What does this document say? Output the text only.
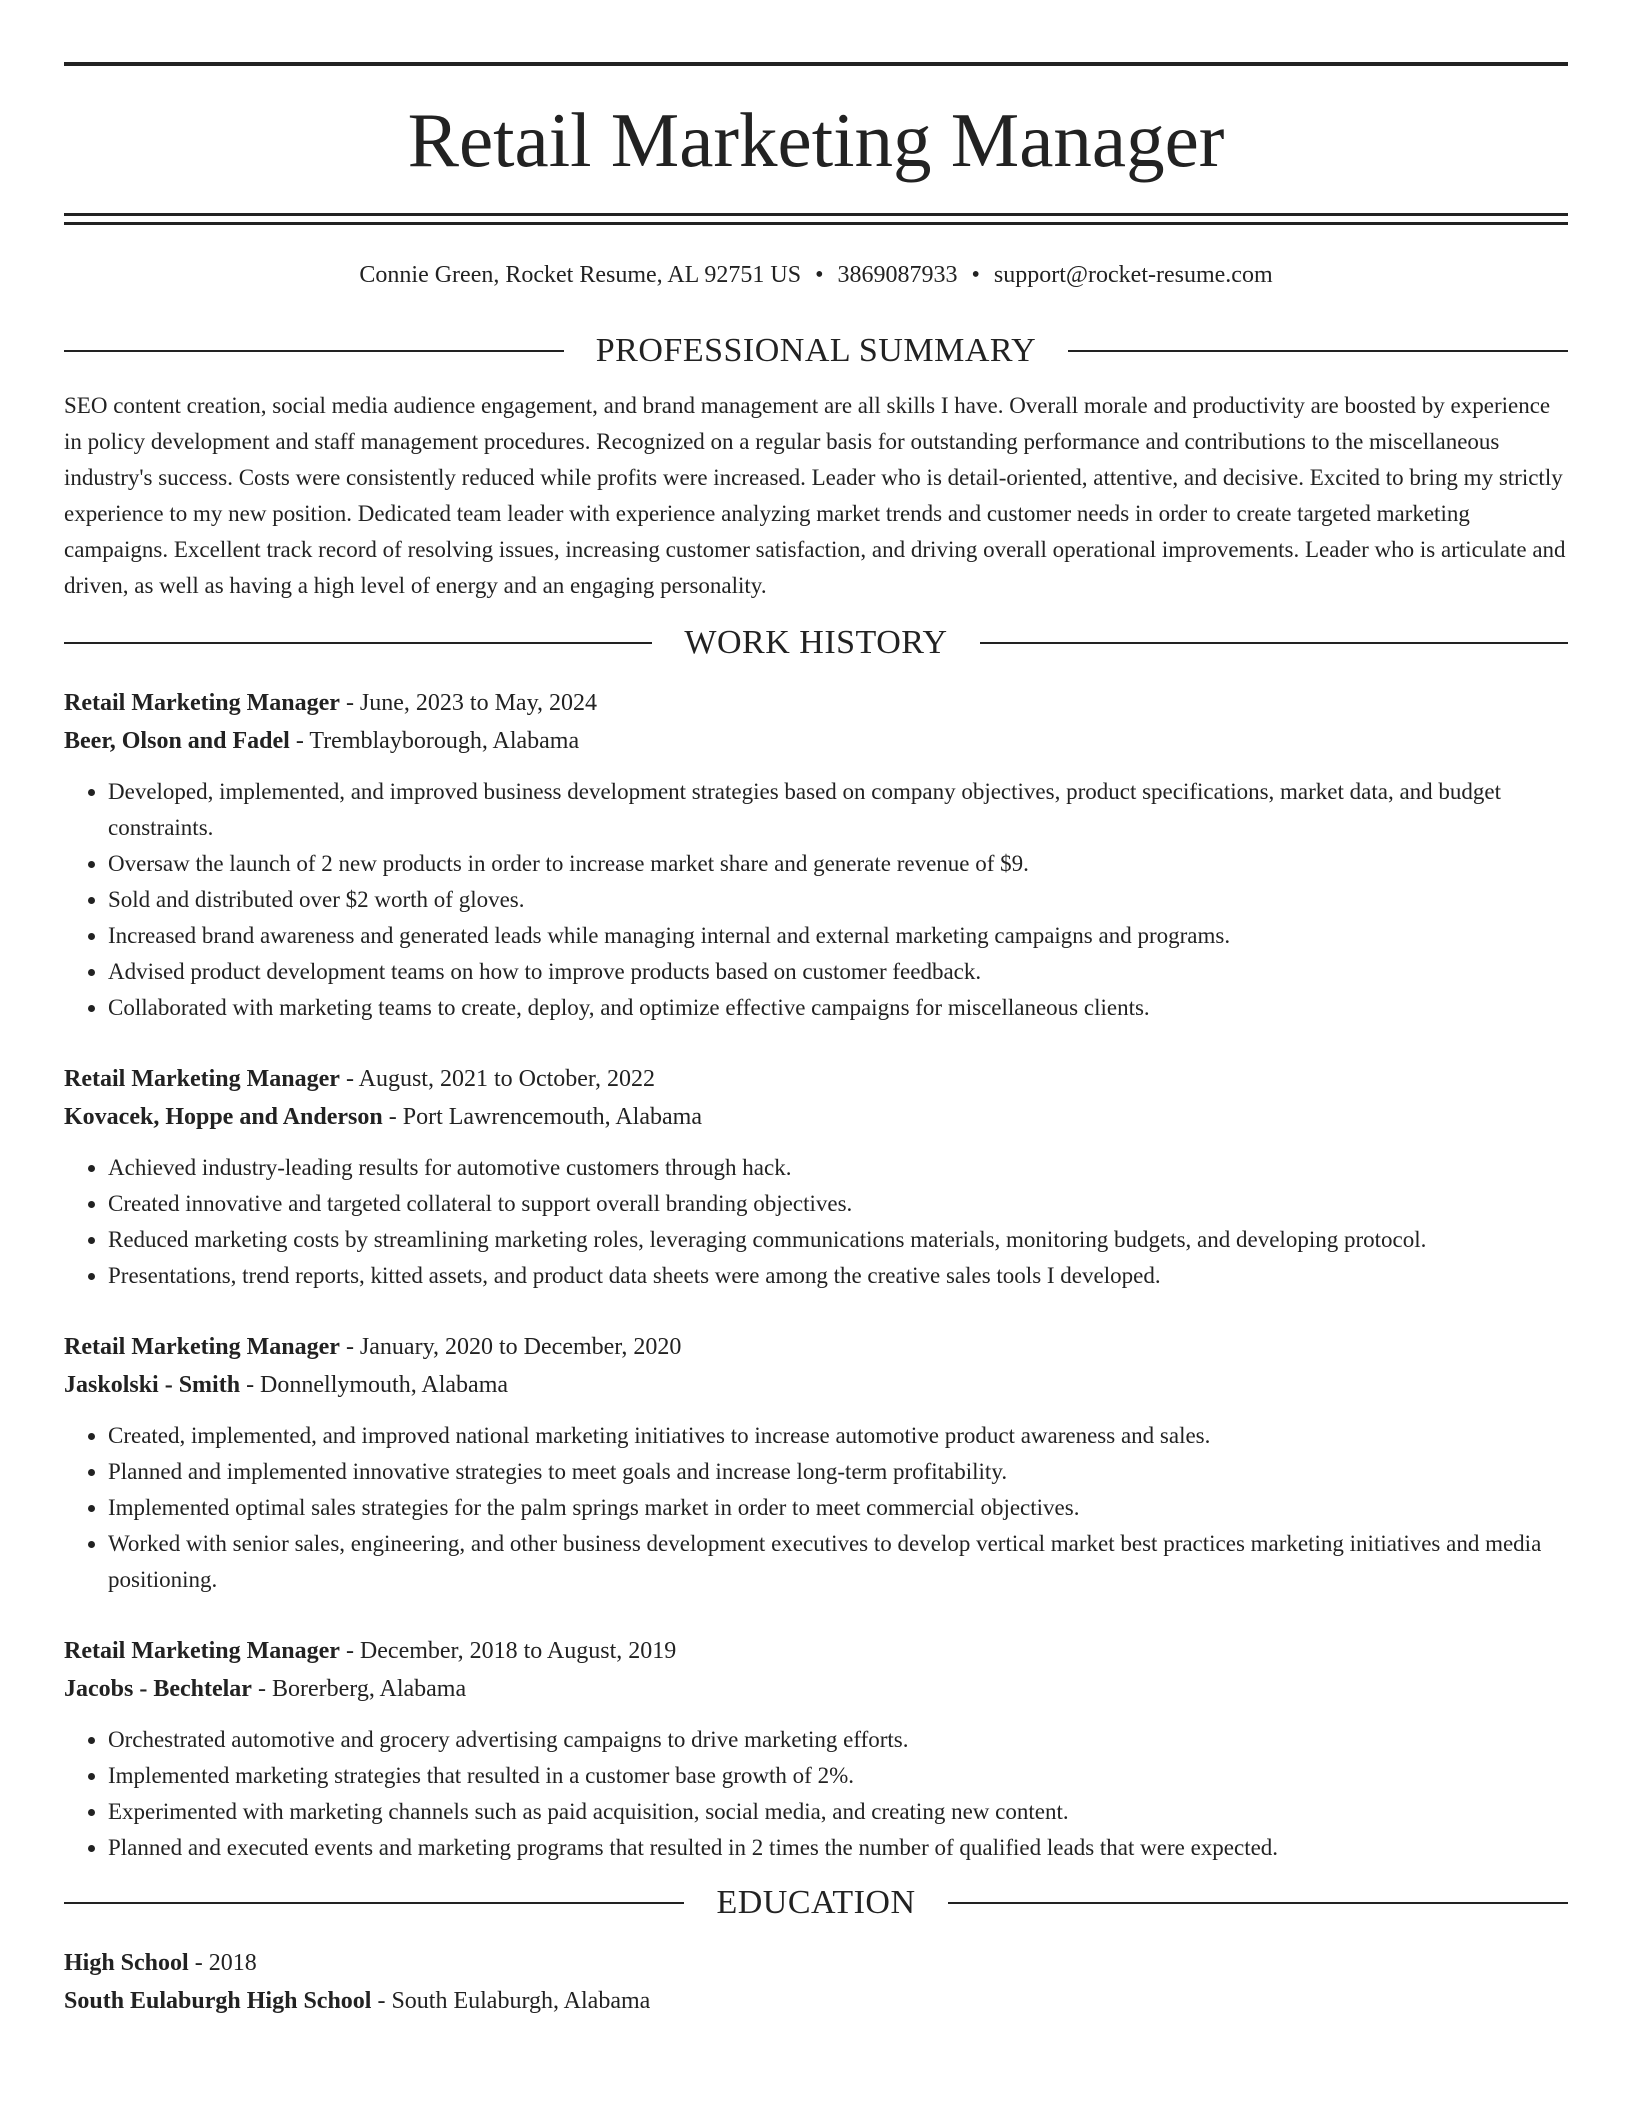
Retail Marketing Manager
Connie Green, Rocket Resume, AL 92751 US • 3869087933 • support@rocket-resume.com
PROFESSIONAL SUMMARY

SEO content creation, social media audience engagement, and brand management are all skills I have. Overall morale and productivity are boosted by experience in policy development and staff management procedures. Recognized on a regular basis for outstanding performance and contributions to the miscellaneous industry's success. Costs were consistently reduced while profits were increased. Leader who is detail-oriented, attentive, and decisive. Excited to bring my strictly experience to my new position. Dedicated team leader with experience analyzing market trends and customer needs in order to create targeted marketing campaigns. Excellent track record of resolving issues, increasing customer satisfaction, and driving overall operational improvements. Leader who is articulate and driven, as well as having a high level of energy and an engaging personality.

WORK HISTORY
Retail Marketing Manager - June, 2023 to May, 2024
Beer, Olson and Fadel - Tremblayborough, Alabama
• Developed, implemented, and improved business development strategies based on company objectives, product specifications, market data, and budget constraints.
• Oversaw the launch of 2 new products in order to increase market share and generate revenue of $9.
• Sold and distributed over $2 worth of gloves.
• Increased brand awareness and generated leads while managing internal and external marketing campaigns and programs.
• Advised product development teams on how to improve products based on customer feedback.
• Collaborated with marketing teams to create, deploy, and optimize effective campaigns for miscellaneous clients.
Retail Marketing Manager - August, 2021 to October, 2022
Kovacek, Hoppe and Anderson - Port Lawrencemouth, Alabama
• Achieved industry-leading results for automotive customers through hack.
• Created innovative and targeted collateral to support overall branding objectives.
• Reduced marketing costs by streamlining marketing roles, leveraging communications materials, monitoring budgets, and developing protocol.
• Presentations, trend reports, kitted assets, and product data sheets were among the creative sales tools I developed.
Retail Marketing Manager - January, 2020 to December, 2020
Jaskolski - Smith - Donnellymouth, Alabama
• Created, implemented, and improved national marketing initiatives to increase automotive product awareness and sales.
• Planned and implemented innovative strategies to meet goals and increase long-term profitability.
• Implemented optimal sales strategies for the palm springs market in order to meet commercial objectives.
• Worked with senior sales, engineering, and other business development executives to develop vertical market best practices marketing initiatives and media positioning.
Retail Marketing Manager - December, 2018 to August, 2019
Jacobs - Bechtelar - Borerberg, Alabama
• Orchestrated automotive and grocery advertising campaigns to drive marketing efforts.
• Implemented marketing strategies that resulted in a customer base growth of 2%.
• Experimented with marketing channels such as paid acquisition, social media, and creating new content.
• Planned and executed events and marketing programs that resulted in 2 times the number of qualified leads that were expected.
EDUCATION
High School - 2018
South Eulaburgh High School - South Eulaburgh, Alabama
